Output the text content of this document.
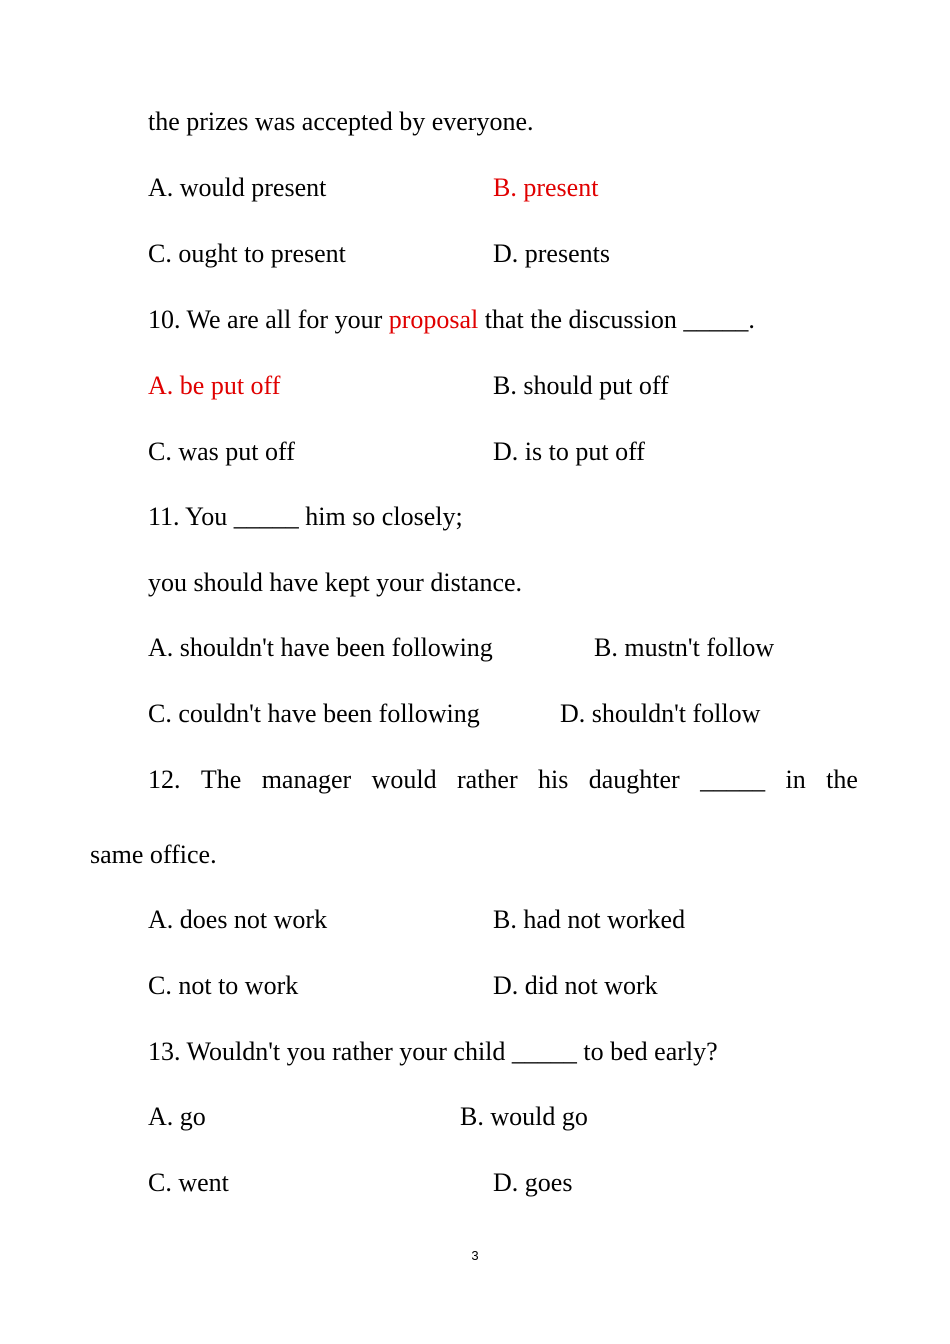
the prizes was accepted by everyone.
A. would present	B. present
C. ought to present	D. presents
10. We are all for your proposal that the discussion _____.
A. be put off	B. should put off
C. was put off	D. is to put off
11. You _____ him so closely;
you should have kept your distance.
A. shouldn't have been following	B. mustn't follow
C. couldn't have been following	D. shouldn't follow
12. The manager would rather his daughter _____ in the
same office.
A. does not work	B. had not worked
C. not to work	D. did not work
13. Wouldn't you rather your child _____ to bed early?
A. go	B. would go
C. went	D. goes
3
